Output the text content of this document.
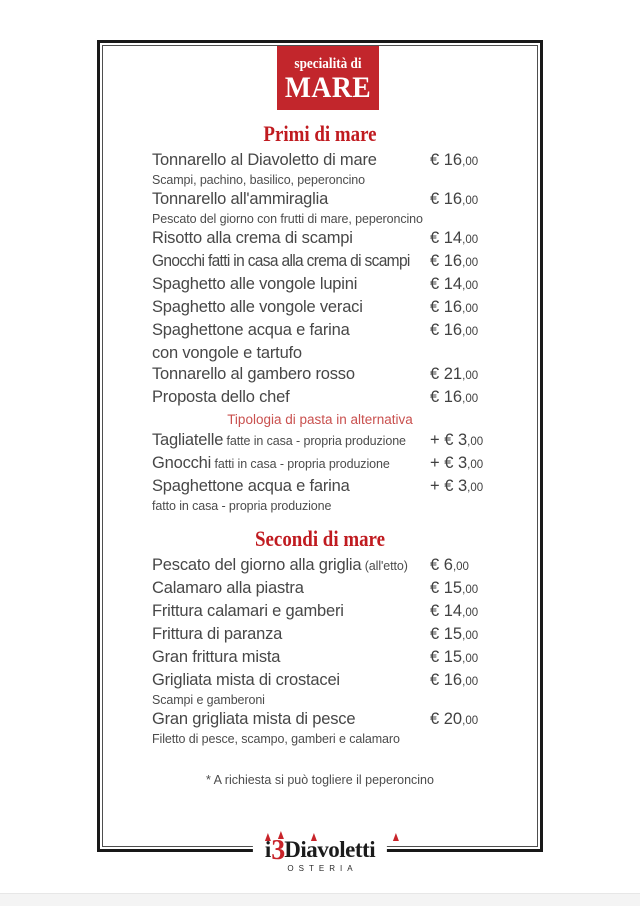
specialità di
MARE
Primi di mare
Tonnarello al Diavoletto di mare	€ 16,00
Scampi, pachino, basilico, peperoncino
Tonnarello all'ammiraglia	€ 16,00
Pescato del giorno con frutti di mare, peperoncino
Risotto alla crema di scampi	€ 14,00
Gnocchi fatti in casa alla crema di scampi	€ 16,00
Spaghetto alle vongole lupini	€ 14,00
Spaghetto alle vongole veraci	€ 16,00
Spaghettone acqua e farina	€ 16,00
con vongole e tartufo
Tonnarello al gambero rosso	€ 21,00
Proposta dello chef	€ 16,00
Tipologia di pasta in alternativa
Tagliatelle fatte in casa - propria produzione	+ € 3,00
Gnocchi fatti in casa - propria produzione	+ € 3,00
Spaghettone acqua e farina	+ € 3,00
fatto in casa - propria produzione
Secondi di mare
Pescato del giorno alla griglia (all'etto)	€ 6,00
Calamaro alla piastra	€ 15,00
Frittura calamari e gamberi	€ 14,00
Frittura di paranza	€ 15,00
Gran frittura mista	€ 15,00
Grigliata mista di crostacei	€ 16,00
Scampi e gamberoni
Gran grigliata mista di pesce	€ 20,00
Filetto di pesce, scampo, gamberi e calamaro
* A richiesta si può togliere il peperoncino
i3Diavoletti
OSTERIA
